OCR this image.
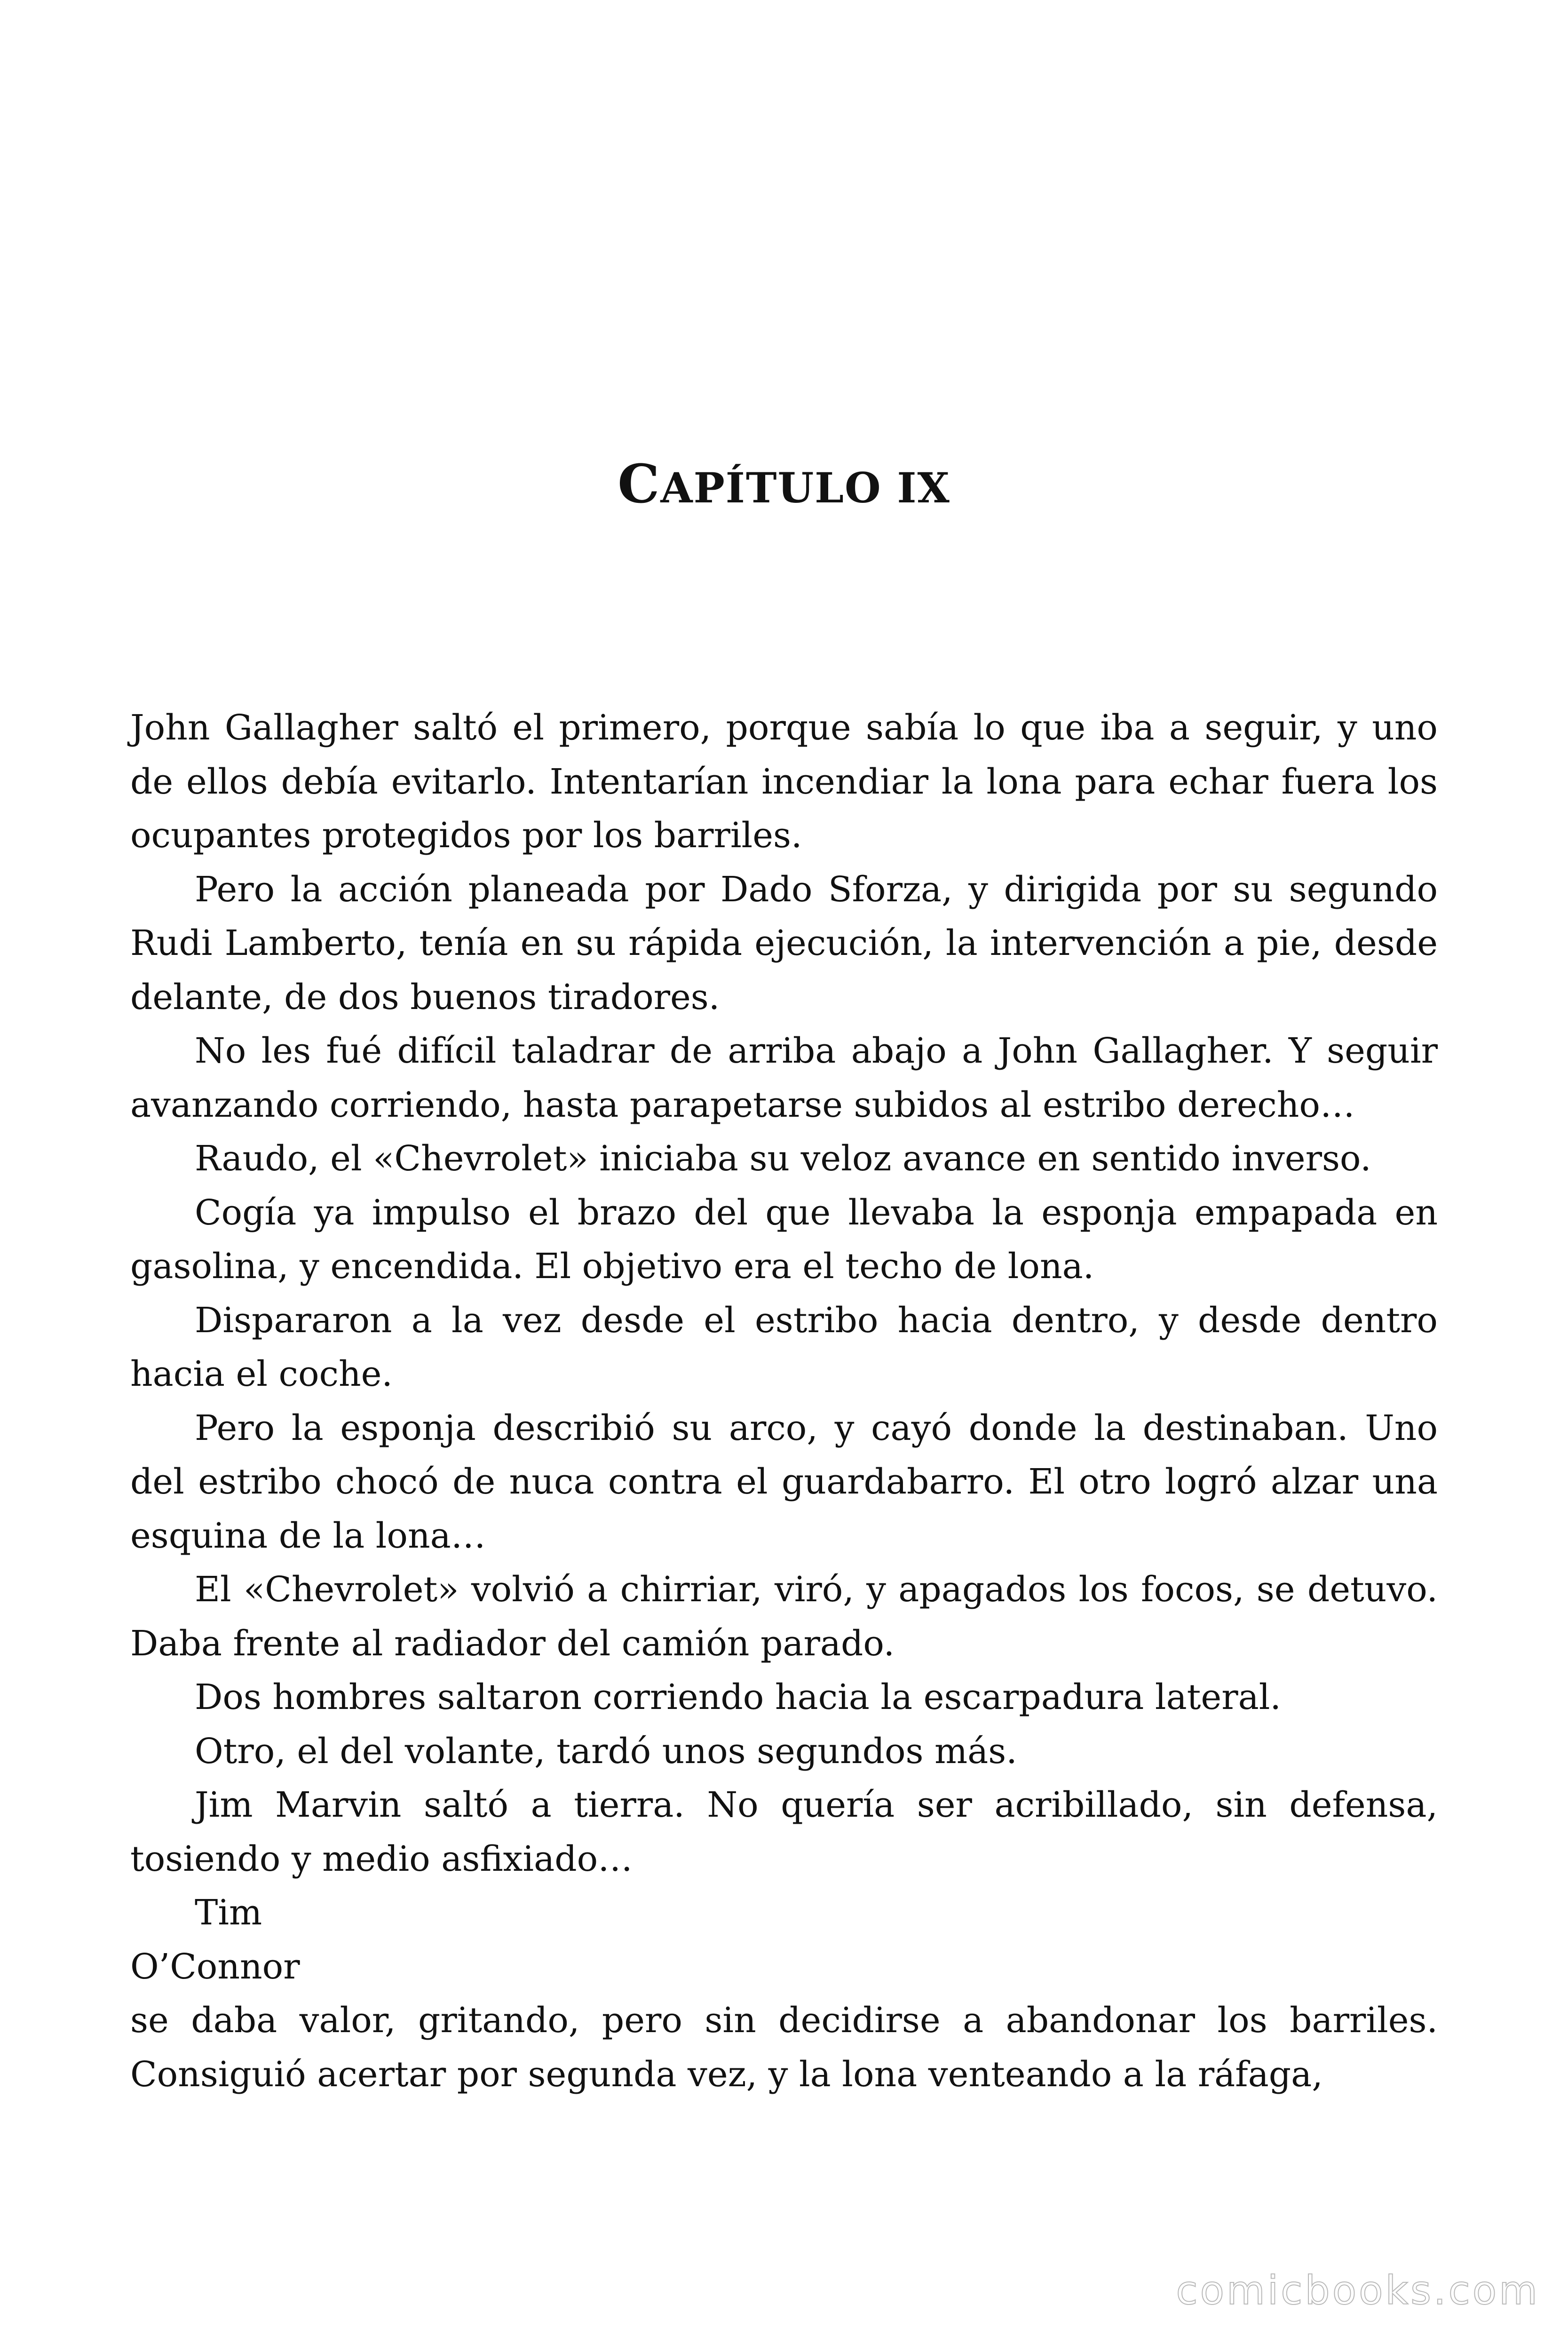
CAPÍTULO IX

John Gallagher saltó el primero, porque sabía lo que iba a seguir, y uno de ellos debía evitarlo. Intentarían incendiar la lona para echar fuera los ocupantes protegidos por los barriles.

Pero la acción planeada por Dado Sforza, y dirigida por su segundo Rudi Lamberto, tenía en su rápida ejecución, la intervención a pie, desde delante, de dos buenos tiradores.

No les fué difícil taladrar de arriba abajo a John Gallagher. Y seguir avanzando corriendo, hasta parapetarse subidos al estribo derecho…

Raudo, el «Chevrolet» iniciaba su veloz avance en sentido inverso.

Cogía ya impulso el brazo del que llevaba la esponja empapada en gasolina, y encendida. El objetivo era el techo de lona.

Dispararon a la vez desde el estribo hacia dentro, y desde dentro hacia el coche.

Pero la esponja describió su arco, y cayó donde la destinaban. Uno del estribo chocó de nuca contra el guardabarro. El otro logró alzar una esquina de la lona…

El «Chevrolet» volvió a chirriar, viró, y apagados los focos, se detuvo. Daba frente al radiador del camión parado.

Dos hombres saltaron corriendo hacia la escarpadura lateral.

Otro, el del volante, tardó unos segundos más.

Jim Marvin saltó a tierra. No quería ser acribillado, sin defensa, tosiendo y medio asfixiado…

Tim

O’Connor

se daba valor, gritando, pero sin decidirse a abandonar los barriles. Consiguió acertar por segunda vez, y la lona venteando a la ráfaga,

comicbooks.com
